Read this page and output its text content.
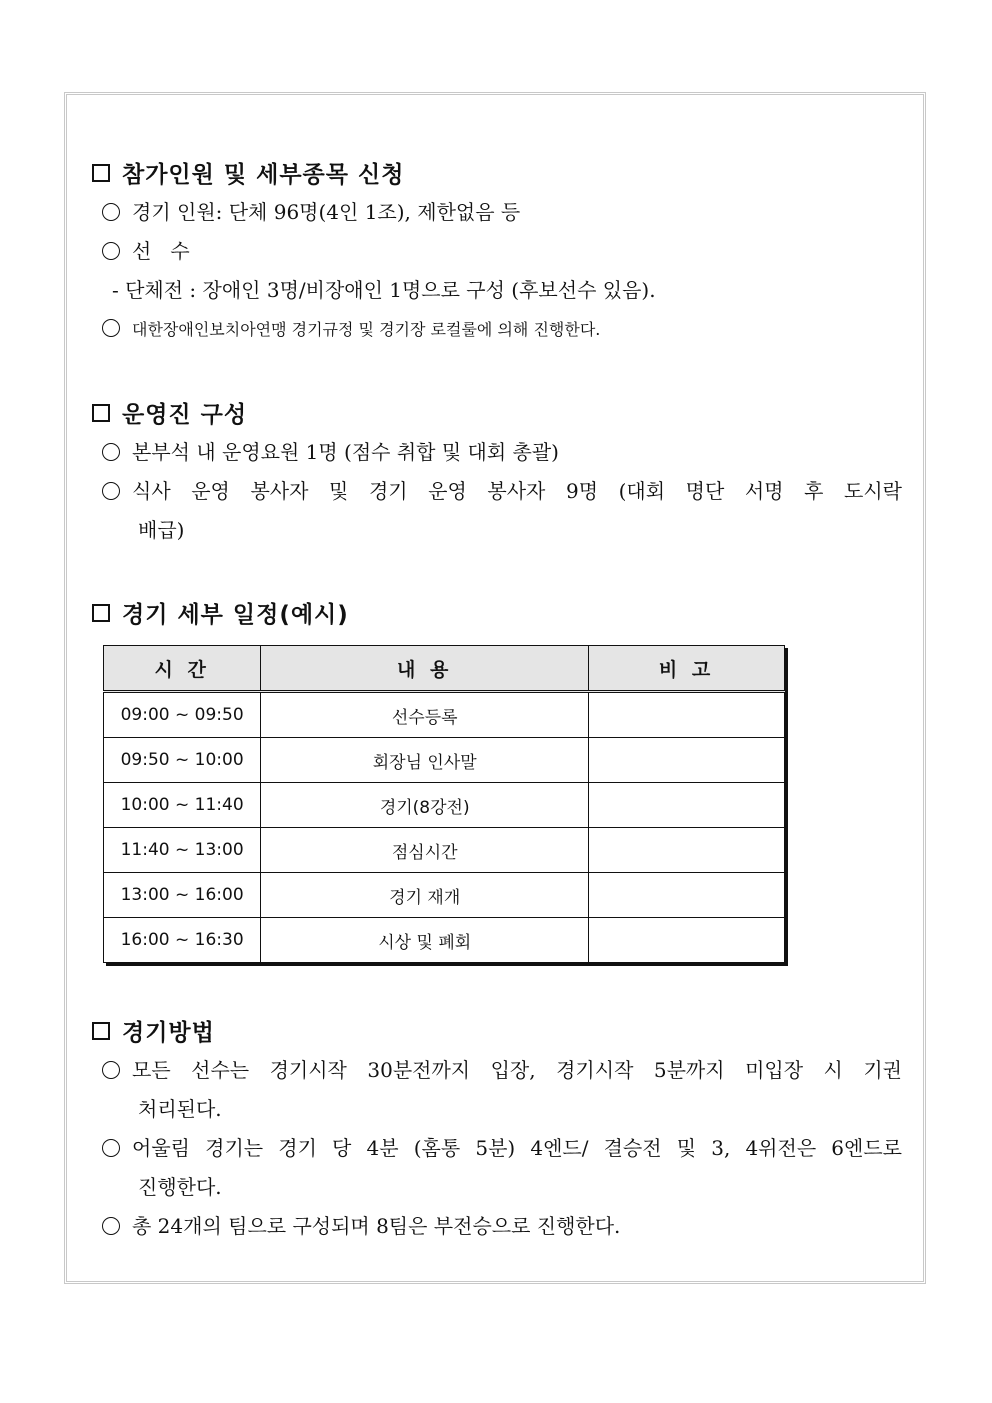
참가인원 및 세부종목 신청
경기 인원: 단체 96명(4인 1조), 제한없음 등
선   수
- 단체전 : 장애인 3명/비장애인 1명으로 구성 (후보선수 있음).
대한장애인보치아연맹 경기규정 및 경기장 로컬룰에 의해 진행한다.
운영진 구성
본부석 내 운영요원 1명 (점수 취합 및 대회 총괄)
식사 운영 봉사자 및 경기 운영 봉사자 9명 (대회 명단 서명 후 도시락
배급)
경기 세부 일정(예시)
시 간	내 용	비 고
09:00 ~ 09:50	선수등록	
09:50 ~ 10:00	회장님 인사말	
10:00 ~ 11:40	경기(8강전)	
11:40 ~ 13:00	점심시간	
13:00 ~ 16:00	경기 재개	
16:00 ~ 16:30	시상 및 폐회	
경기방법
모든 선수는 경기시작 30분전까지 입장, 경기시작 5분까지 미입장 시 기권
처리된다.
어울림 경기는 경기 당 4분 (홈통 5분) 4엔드/ 결승전 및 3, 4위전은 6엔드로
진행한다.
총 24개의 팀으로 구성되며 8팀은 부전승으로 진행한다.
